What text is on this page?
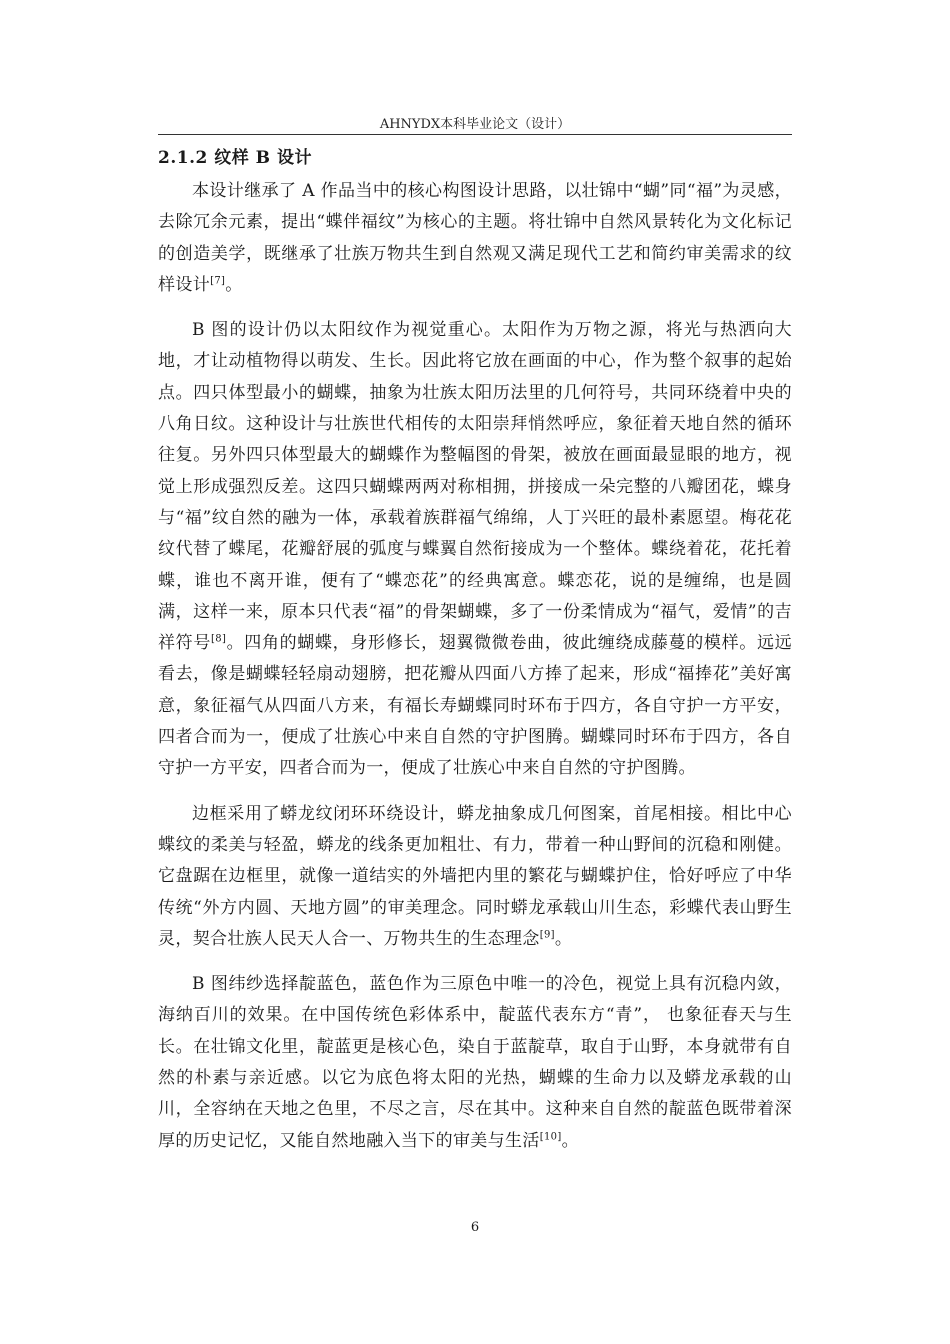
AHNYDX本科毕业论文（设计）
2.1.2 纹样 B 设计

本设计继承了 A 作品当中的核心构图设计思路，以壮锦中“蝴”同“福”为灵感，去除冗余元素，提出“蝶伴福纹”为核心的主题。将壮锦中自然风景转化为文化标记的创造美学，既继承了壮族万物共生到自然观又满足现代工艺和简约审美需求的纹样设计[7]。

B 图的设计仍以太阳纹作为视觉重心。太阳作为万物之源，将光与热洒向大地，才让动植物得以萌发、生长。因此将它放在画面的中心，作为整个叙事的起始点。四只体型最小的蝴蝶，抽象为壮族太阳历法里的几何符号，共同环绕着中央的八角日纹。这种设计与壮族世代相传的太阳崇拜悄然呼应，象征着天地自然的循环往复。另外四只体型最大的蝴蝶作为整幅图的骨架，被放在画面最显眼的地方，视觉上形成强烈反差。这四只蝴蝶两两对称相拥，拼接成一朵完整的八瓣团花，蝶身与“福”纹自然的融为一体，承载着族群福气绵绵，人丁兴旺的最朴素愿望。梅花花纹代替了蝶尾，花瓣舒展的弧度与蝶翼自然衔接成为一个整体。蝶绕着花，花托着蝶，谁也不离开谁，便有了“蝶恋花”的经典寓意。蝶恋花，说的是缠绵，也是圆满，这样一来，原本只代表“福”的骨架蝴蝶，多了一份柔情成为“福气，爱情”的吉祥符号[8]。四角的蝴蝶，身形修长，翅翼微微卷曲，彼此缠绕成藤蔓的模样。远远看去，像是蝴蝶轻轻扇动翅膀，把花瓣从四面八方捧了起来，形成“福捧花”美好寓意，象征福气从四面八方来，有福长寿蝴蝶同时环布于四方，各自守护一方平安，四者合而为一，便成了壮族心中来自自然的守护图腾。蝴蝶同时环布于四方，各自守护一方平安，四者合而为一，便成了壮族心中来自自然的守护图腾。

边框采用了蟒龙纹闭环环绕设计，蟒龙抽象成几何图案，首尾相接。相比中心蝶纹的柔美与轻盈，蟒龙的线条更加粗壮、有力，带着一种山野间的沉稳和刚健。它盘踞在边框里，就像一道结实的外墙把内里的繁花与蝴蝶护住，恰好呼应了中华传统“外方内圆、天地方圆”的审美理念。同时蟒龙承载山川生态，彩蝶代表山野生灵，契合壮族人民天人合一、万物共生的生态理念[9]。

B 图纬纱选择靛蓝色，蓝色作为三原色中唯一的冷色，视觉上具有沉稳内敛，海纳百川的效果。在中国传统色彩体系中，靛蓝代表东方“青”， 也象征春天与生长。在壮锦文化里，靛蓝更是核心色，染自于蓝靛草，取自于山野，本身就带有自然的朴素与亲近感。以它为底色将太阳的光热，蝴蝶的生命力以及蟒龙承载的山川，全容纳在天地之色里，不尽之言，尽在其中。这种来自自然的靛蓝色既带着深厚的历史记忆，又能自然地融入当下的审美与生活[10]。

6
